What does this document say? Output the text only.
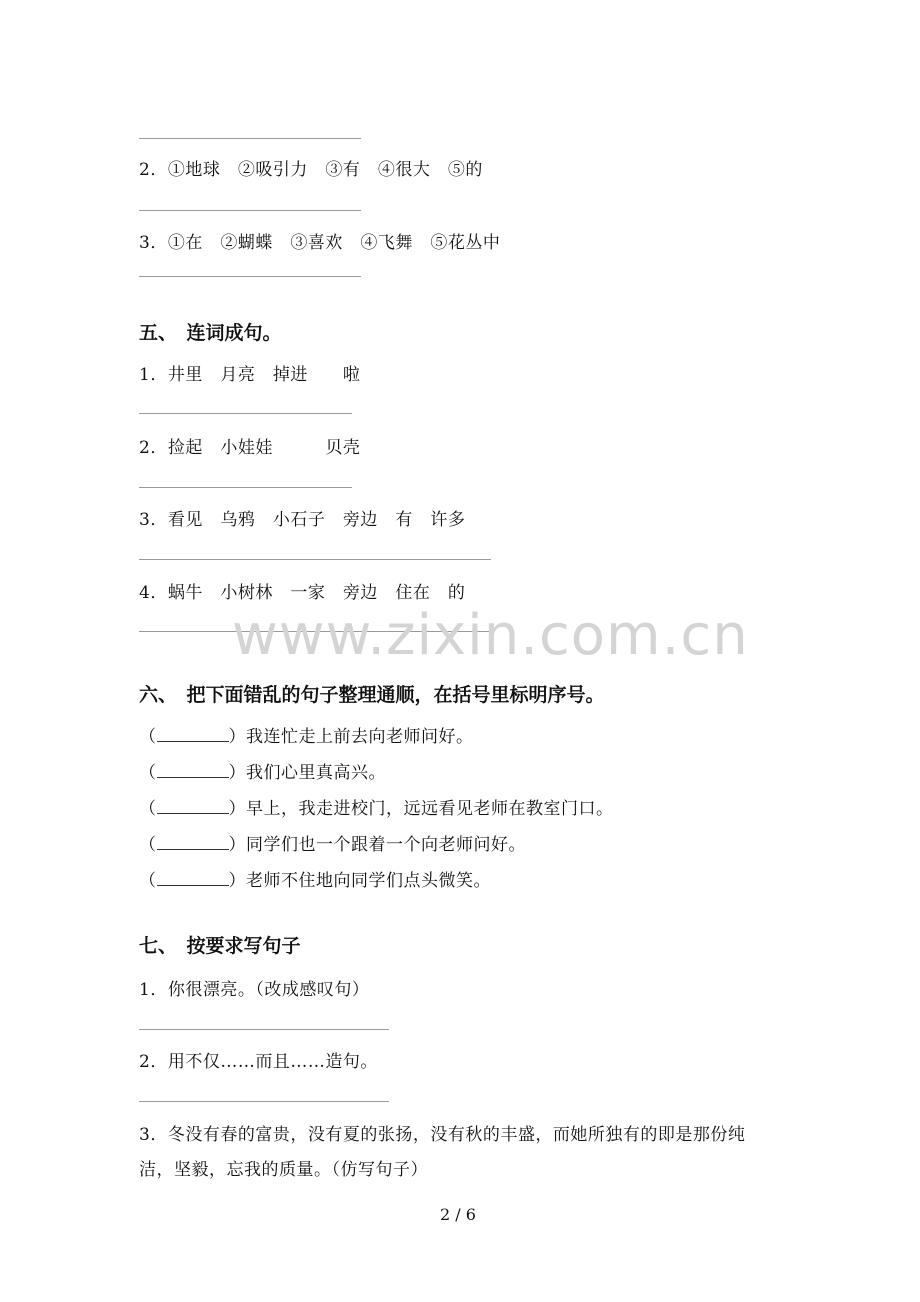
2．①地球　②吸引力　③有　④很大　⑤的
3．①在　②蝴蝶　③喜欢　④飞舞　⑤花丛中
五、　连词成句。
1．井里　月亮　掉进　　啦
2．捡起　小娃娃　　　贝壳
3．看见　乌鸦　小石子　旁边　有　许多
4．蜗牛　小树林　一家　旁边　住在　的
www.zixin.com.cn
六、　把下面错乱的句子整理通顺，在括号里标明序号。
（	）我连忙走上前去向老师问好。
（	）我们心里真高兴。
（	）早上，我走进校门，远远看见老师在教室门口。
（	）同学们也一个跟着一个向老师问好。
（	）老师不住地向同学们点头微笑。
七、　按要求写句子
1．你很漂亮。（改成感叹句）
2．用不仅……而且……造句。
3．冬没有春的富贵，没有夏的张扬，没有秋的丰盛，而她所独有的即是那份纯
洁，坚毅，忘我的质量。（仿写句子）
2 / 6
